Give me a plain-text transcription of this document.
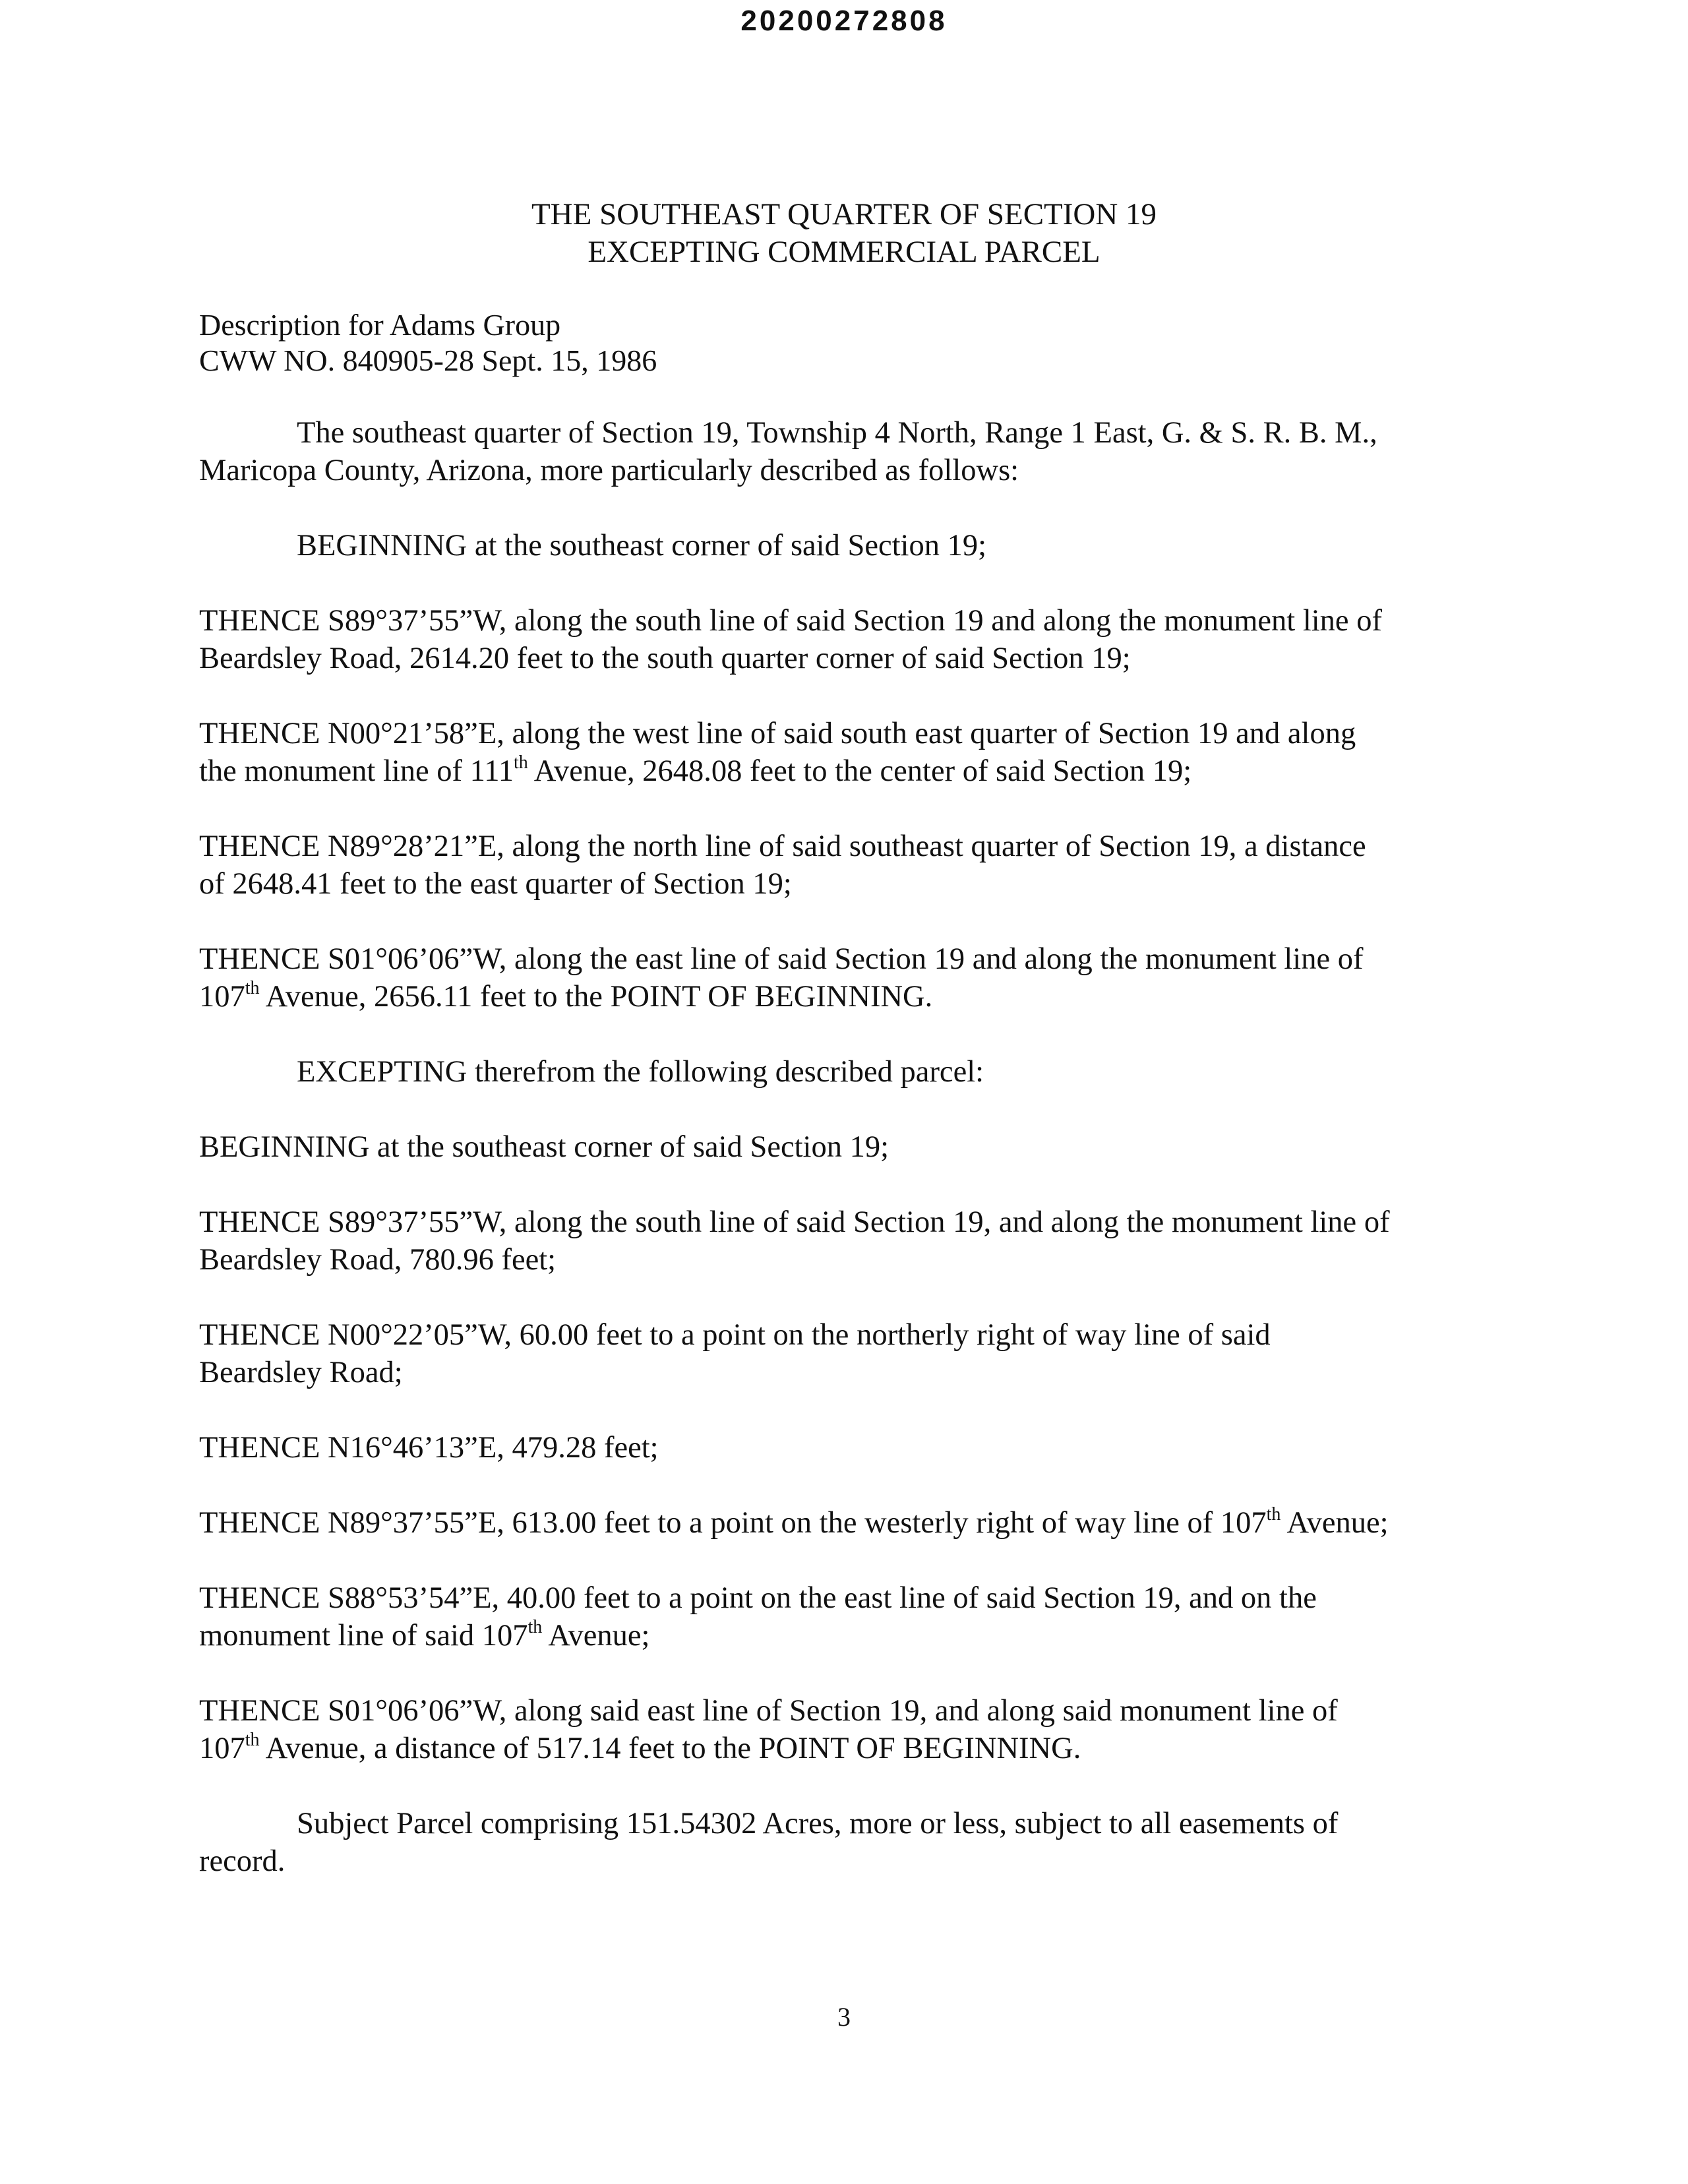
20200272808
THE SOUTHEAST QUARTER OF SECTION 19
EXCEPTING COMMERCIAL PARCEL
Description for Adams Group
CWW NO. 840905-28 Sept. 15, 1986

The southeast quarter of Section 19, Township 4 North, Range 1 East, G. & S. R. B. M.,
Maricopa County, Arizona, more particularly described as follows:

BEGINNING at the southeast corner of said Section 19;

THENCE S89°37’55”W, along the south line of said Section 19 and along the monument line of
Beardsley Road, 2614.20 feet to the south quarter corner of said Section 19;

THENCE N00°21’58”E, along the west line of said south east quarter of Section 19 and along
the monument line of 111th Avenue, 2648.08 feet to the center of said Section 19;

THENCE N89°28’21”E, along the north line of said southeast quarter of Section 19, a distance
of 2648.41 feet to the east quarter of Section 19;

THENCE S01°06’06”W, along the east line of said Section 19 and along the monument line of
107th Avenue, 2656.11 feet to the POINT OF BEGINNING.

EXCEPTING therefrom the following described parcel:

BEGINNING at the southeast corner of said Section 19;

THENCE S89°37’55”W, along the south line of said Section 19, and along the monument line of
Beardsley Road, 780.96 feet;

THENCE N00°22’05”W, 60.00 feet to a point on the northerly right of way line of said
Beardsley Road;

THENCE N16°46’13”E, 479.28 feet;

THENCE N89°37’55”E, 613.00 feet to a point on the westerly right of way line of 107th Avenue;

THENCE S88°53’54”E, 40.00 feet to a point on the east line of said Section 19, and on the
monument line of said 107th Avenue;

THENCE S01°06’06”W, along said east line of Section 19, and along said monument line of
107th Avenue, a distance of 517.14 feet to the POINT OF BEGINNING.

Subject Parcel comprising 151.54302 Acres, more or less, subject to all easements of
record.

3
